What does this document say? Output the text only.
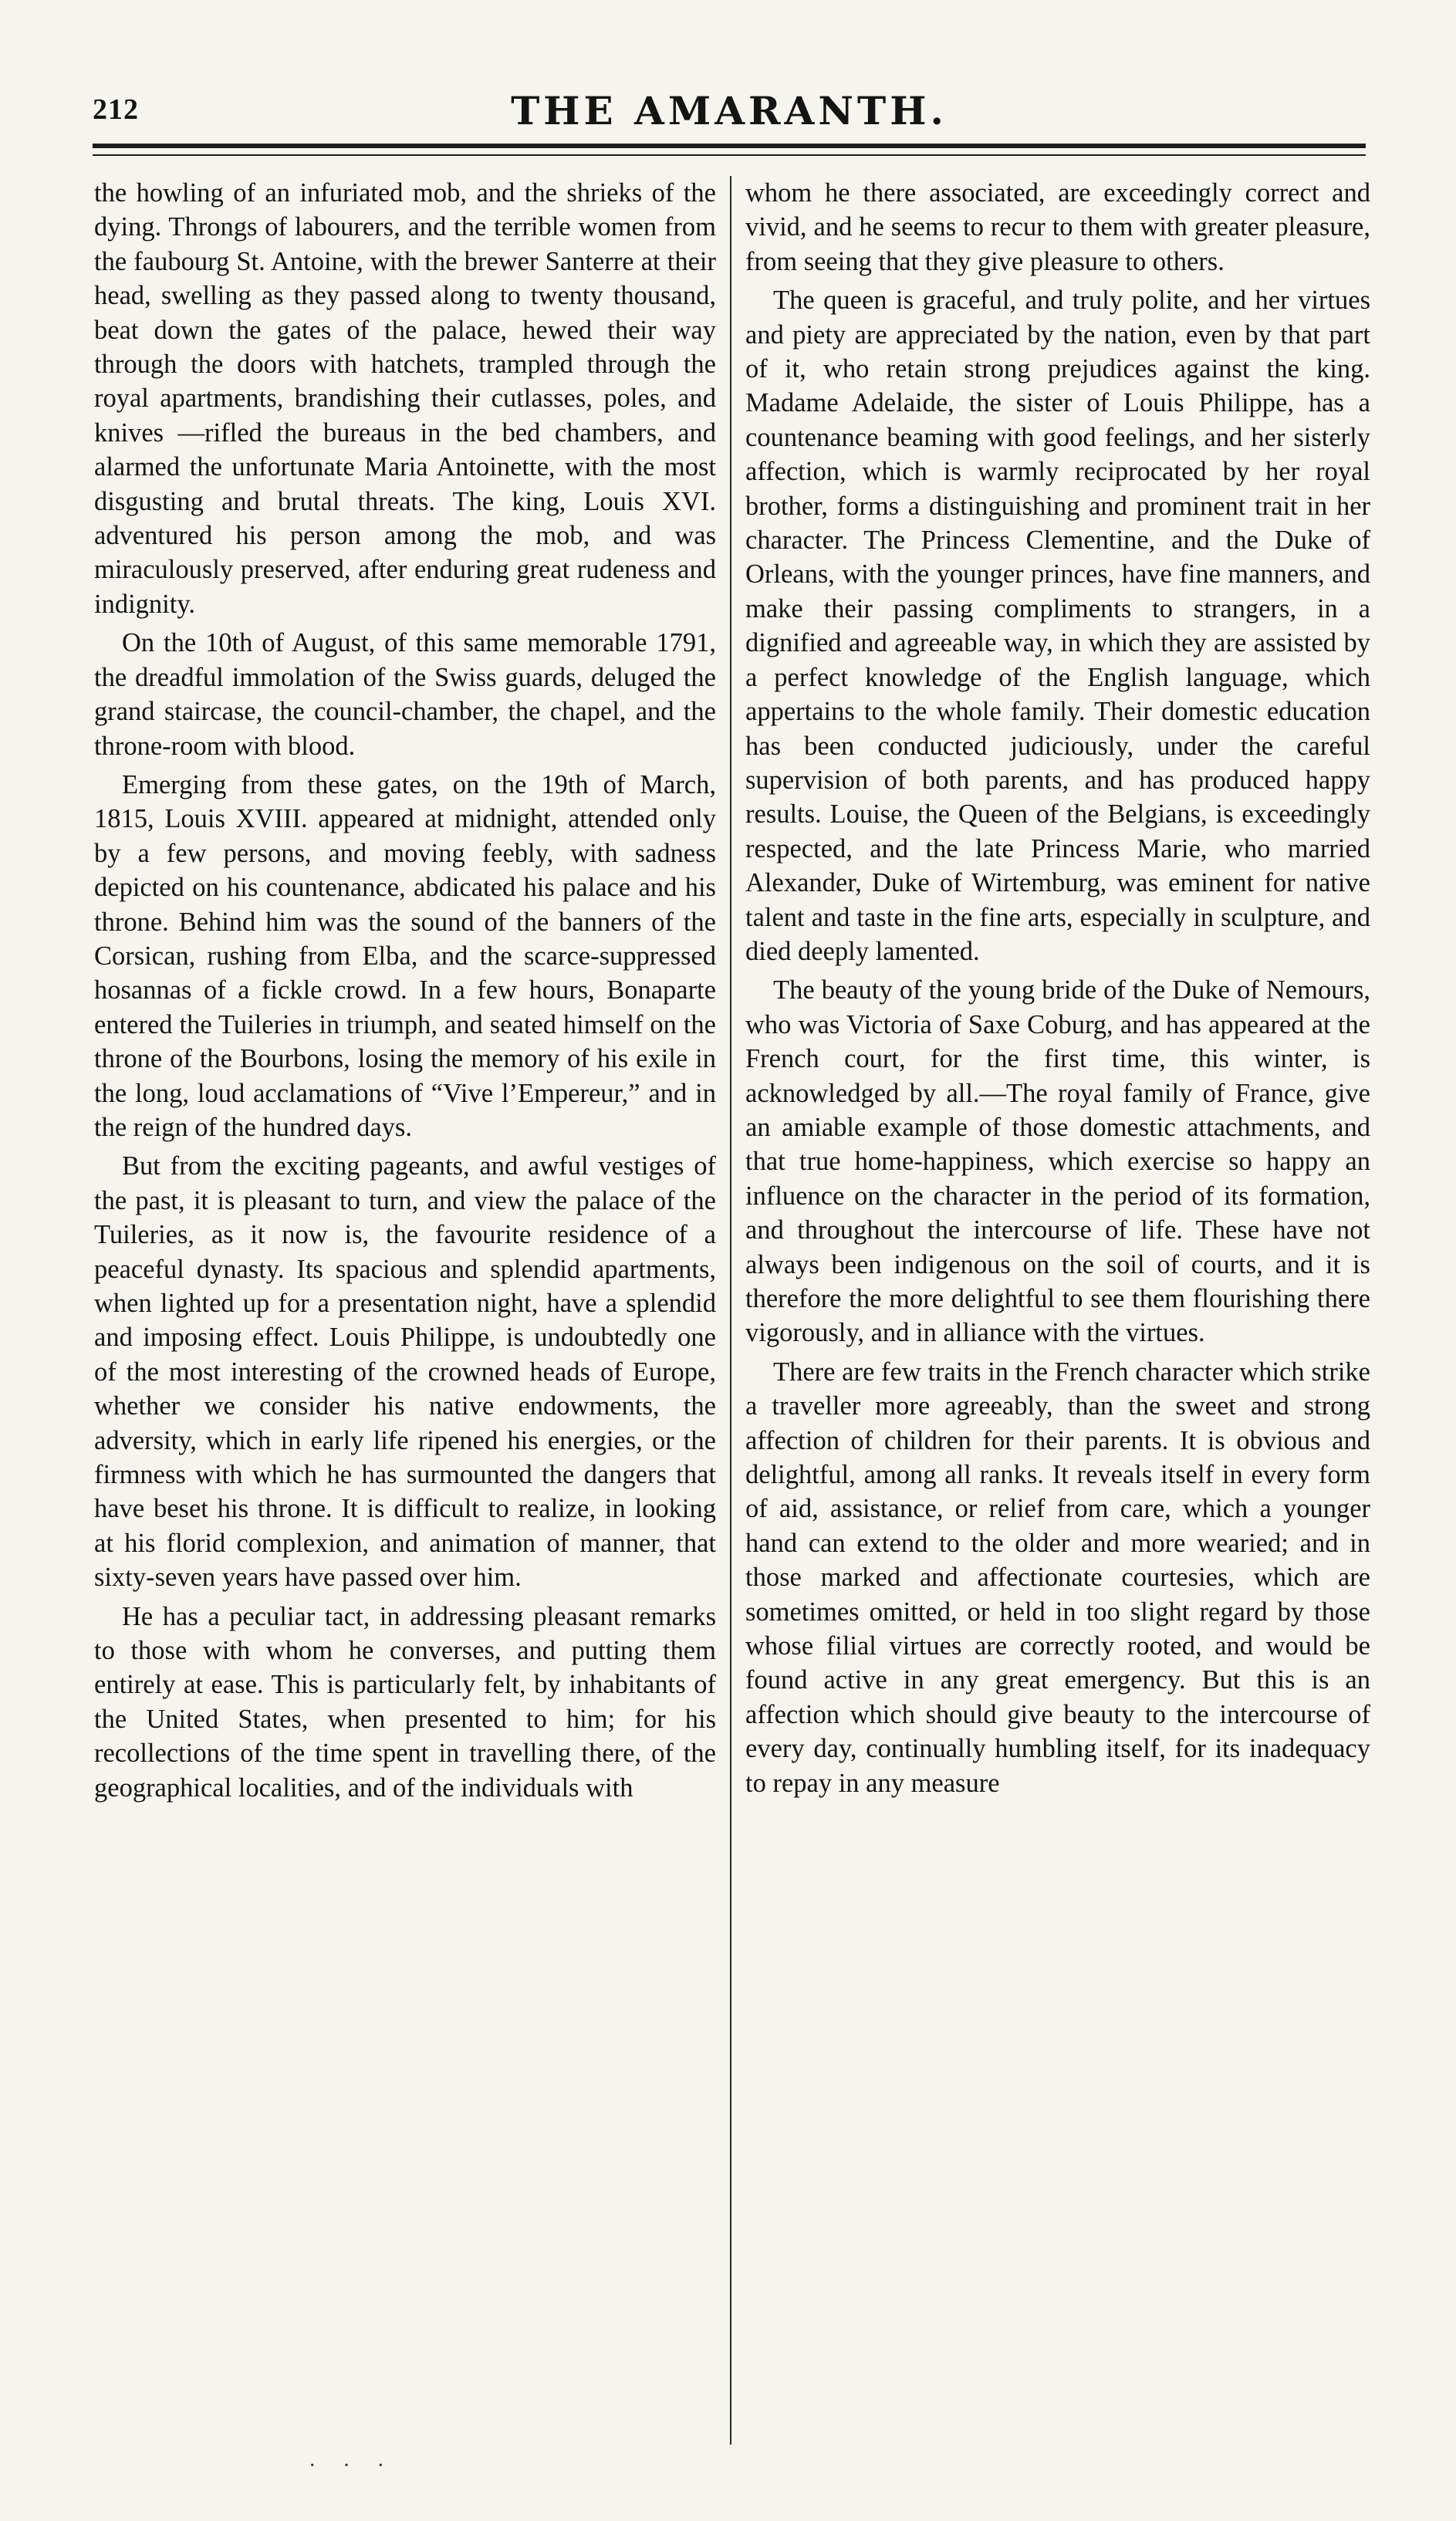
212	THE AMARANTH.

the howling of an infuriated mob, and the shrieks of the dying. Throngs of labourers, and the terrible women from the faubourg St. Antoine, with the brewer Santerre at their head, swelling as they passed along to twenty thousand, beat down the gates of the palace, hewed their way through the doors with hatchets, trampled through the royal apartments, brandishing their cutlasses, poles, and knives —rifled the bureaus in the bed chambers, and alarmed the unfortunate Maria Antoinette, with the most disgusting and brutal threats. The king, Louis XVI. adventured his person among the mob, and was miraculously preserved, after enduring great rudeness and indignity.

On the 10th of August, of this same memorable 1791, the dreadful immolation of the Swiss guards, deluged the grand staircase, the council-chamber, the chapel, and the throne-room with blood.

Emerging from these gates, on the 19th of March, 1815, Louis XVIII. appeared at midnight, attended only by a few persons, and moving feebly, with sadness depicted on his countenance, abdicated his palace and his throne. Behind him was the sound of the banners of the Corsican, rushing from Elba, and the scarce-suppressed hosannas of a fickle crowd. In a few hours, Bonaparte entered the Tuileries in triumph, and seated himself on the throne of the Bourbons, losing the memory of his exile in the long, loud acclamations of “Vive l’Empereur,” and in the reign of the hundred days.

But from the exciting pageants, and awful vestiges of the past, it is pleasant to turn, and view the palace of the Tuileries, as it now is, the favourite residence of a peaceful dynasty. Its spacious and splendid apartments, when lighted up for a presentation night, have a splendid and imposing effect. Louis Philippe, is undoubtedly one of the most interesting of the crowned heads of Europe, whether we consider his native endowments, the adversity, which in early life ripened his energies, or the firmness with which he has surmounted the dangers that have beset his throne. It is difficult to realize, in looking at his florid complexion, and animation of manner, that sixty-seven years have passed over him.

He has a peculiar tact, in addressing pleasant remarks to those with whom he converses, and putting them entirely at ease. This is particularly felt, by inhabitants of the United States, when presented to him; for his recollections of the time spent in travelling there, of the geographical localities, and of the individuals with

whom he there associated, are exceedingly correct and vivid, and he seems to recur to them with greater pleasure, from seeing that they give pleasure to others.

The queen is graceful, and truly polite, and her virtues and piety are appreciated by the nation, even by that part of it, who retain strong prejudices against the king. Madame Adelaide, the sister of Louis Philippe, has a countenance beaming with good feelings, and her sisterly affection, which is warmly reciprocated by her royal brother, forms a distinguishing and prominent trait in her character. The Princess Clementine, and the Duke of Orleans, with the younger princes, have fine manners, and make their passing compliments to strangers, in a dignified and agreeable way, in which they are assisted by a perfect knowledge of the English language, which appertains to the whole family. Their domestic education has been conducted judiciously, under the careful supervision of both parents, and has produced happy results. Louise, the Queen of the Belgians, is exceedingly respected, and the late Princess Marie, who married Alexander, Duke of Wirtemburg, was eminent for native talent and taste in the fine arts, especially in sculpture, and died deeply lamented.

The beauty of the young bride of the Duke of Nemours, who was Victoria of Saxe Coburg, and has appeared at the French court, for the first time, this winter, is acknowledged by all.—The royal family of France, give an amiable example of those domestic attachments, and that true home-happiness, which exercise so happy an influence on the character in the period of its formation, and throughout the intercourse of life. These have not always been indigenous on the soil of courts, and it is therefore the more delightful to see them flourishing there vigorously, and in alliance with the virtues.

There are few traits in the French character which strike a traveller more agreeably, than the sweet and strong affection of children for their parents. It is obvious and delightful, among all ranks. It reveals itself in every form of aid, assistance, or relief from care, which a younger hand can extend to the older and more wearied; and in those marked and affectionate courtesies, which are sometimes omitted, or held in too slight regard by those whose filial virtues are correctly rooted, and would be found active in any great emergency. But this is an affection which should give beauty to the intercourse of every day, continually humbling itself, for its inadequacy to repay in any measure

· · ·
